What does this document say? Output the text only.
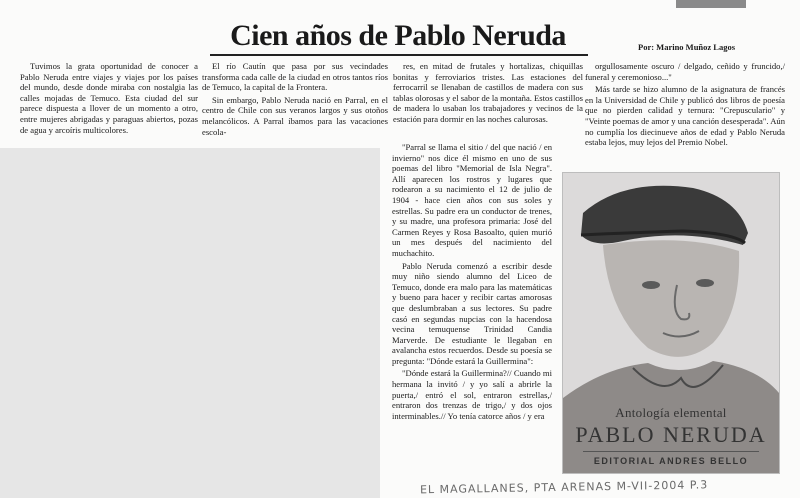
Cien años de Pablo Neruda	Por: Marino Muñoz Lagos

Tuvimos la grata oportunidad de conocer a Pablo Neruda entre viajes y viajes por los países del mundo, desde donde miraba con nostalgia las calles mojadas de Temuco. Esta ciudad del sur parece dispuesta a llover de un momento a otro, entre mujeres abrigadas y paraguas abiertos, pozas de agua y arcoíris multicolores.

El río Cautín que pasa por sus vecindades transforma cada calle de la ciudad en otros tantos ríos de Temuco, la capital de la Frontera.

Sin embargo, Pablo Neruda nació en Parral, en el centro de Chile con sus veranos largos y sus otoños melancólicos. A Parral íbamos para las vacaciones escola-

res, en mitad de frutales y hortalizas, chiquillas bonitas y ferroviarios tristes. Las estaciones del ferrocarril se llenaban de castillos de madera con sus tablas olorosas y el sabor de la montaña. Estos castillos de madera lo usaban los trabajadores y vecinos de la estación para dormir en las noches calurosas.

"Parral se llama el sitio / del que nació / en invierno" nos dice él mismo en uno de sus poemas del libro "Memorial de Isla Negra". Allí aparecen los rostros y lugares que rodearon a su nacimiento el 12 de julio de 1904 - hace cien años con sus soles y estrellas. Su padre era un conductor de trenes, y su madre, una profesora primaria: José del Carmen Reyes y Rosa Basoalto, quien murió un mes después del nacimiento del muchachito.

Pablo Neruda comenzó a escribir desde muy niño siendo alumno del Liceo de Temuco, donde era malo para las matemáticas y bueno para hacer y recibir cartas amorosas que deslumbraban a sus lectores. Su padre casó en segundas nupcias con la hacendosa vecina temuquense Trinidad Candia Marverde. De estudiante le llegaban en avalancha estos recuerdos. Desde su poesía se pregunta: "Dónde estará la Guillermina":

"Dónde estará la Guillermina?// Cuando mi hermana la invitó / y yo salí a abrirle la puerta,/ entró el sol, entraron estrellas,/ entraron dos trenzas de trigo,/ y dos ojos interminables.// Yo tenía catorce años / y era

orgullosamente oscuro / delgado, ceñido y fruncido,/ funeral y ceremonioso..."

Más tarde se hizo alumno de la asignatura de francés en la Universidad de Chile y publicó dos libros de poesía que no pierden calidad y ternura: "Crepusculario" y "Veinte poemas de amor y una canción desesperada". Aún no cumplía los diecinueve años de edad y Pablo Neruda estaba lejos, muy lejos del Premio Nobel.

Antología elemental
PABLO NERUDA
EDITORIAL ANDRES BELLO
EL MAGALLANES, PTA ARENAS M-VII-2004 P.3
